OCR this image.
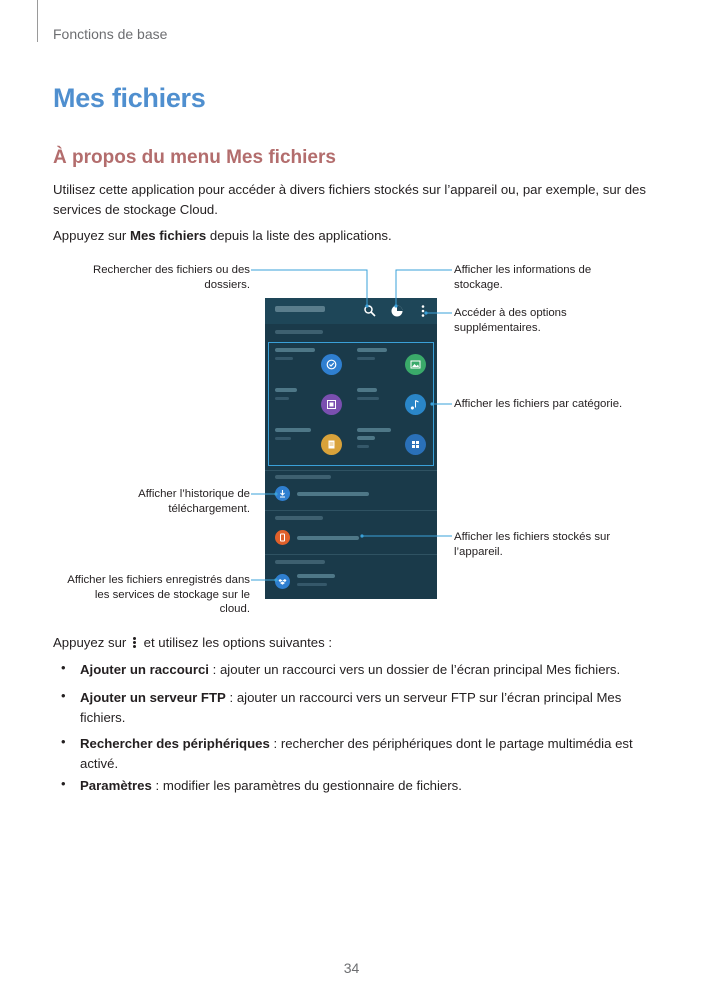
Fonctions de base
Mes fichiers
À propos du menu Mes fichiers
Utilisez cette application pour accéder à divers fichiers stockés sur l’appareil ou, par exemple, sur des services de stockage Cloud.
Appuyez sur Mes fichiers depuis la liste des applications.
Rechercher des fichiers ou des dossiers.
Afficher l’historique de téléchargement.
Afficher les fichiers enregistrés dans les services de stockage sur le cloud.
Afficher les informations de stockage.
Accéder à des options supplémentaires.
Afficher les fichiers par catégorie.
Afficher les fichiers stockés sur l’appareil.
Appuyez sur
et utilisez les options suivantes :
• Ajouter un raccourci : ajouter un raccourci vers un dossier de l’écran principal Mes fichiers.
• Ajouter un serveur FTP : ajouter un raccourci vers un serveur FTP sur l’écran principal Mes fichiers.
• Rechercher des périphériques : rechercher des périphériques dont le partage multimédia est activé.
• Paramètres : modifier les paramètres du gestionnaire de fichiers.
34
